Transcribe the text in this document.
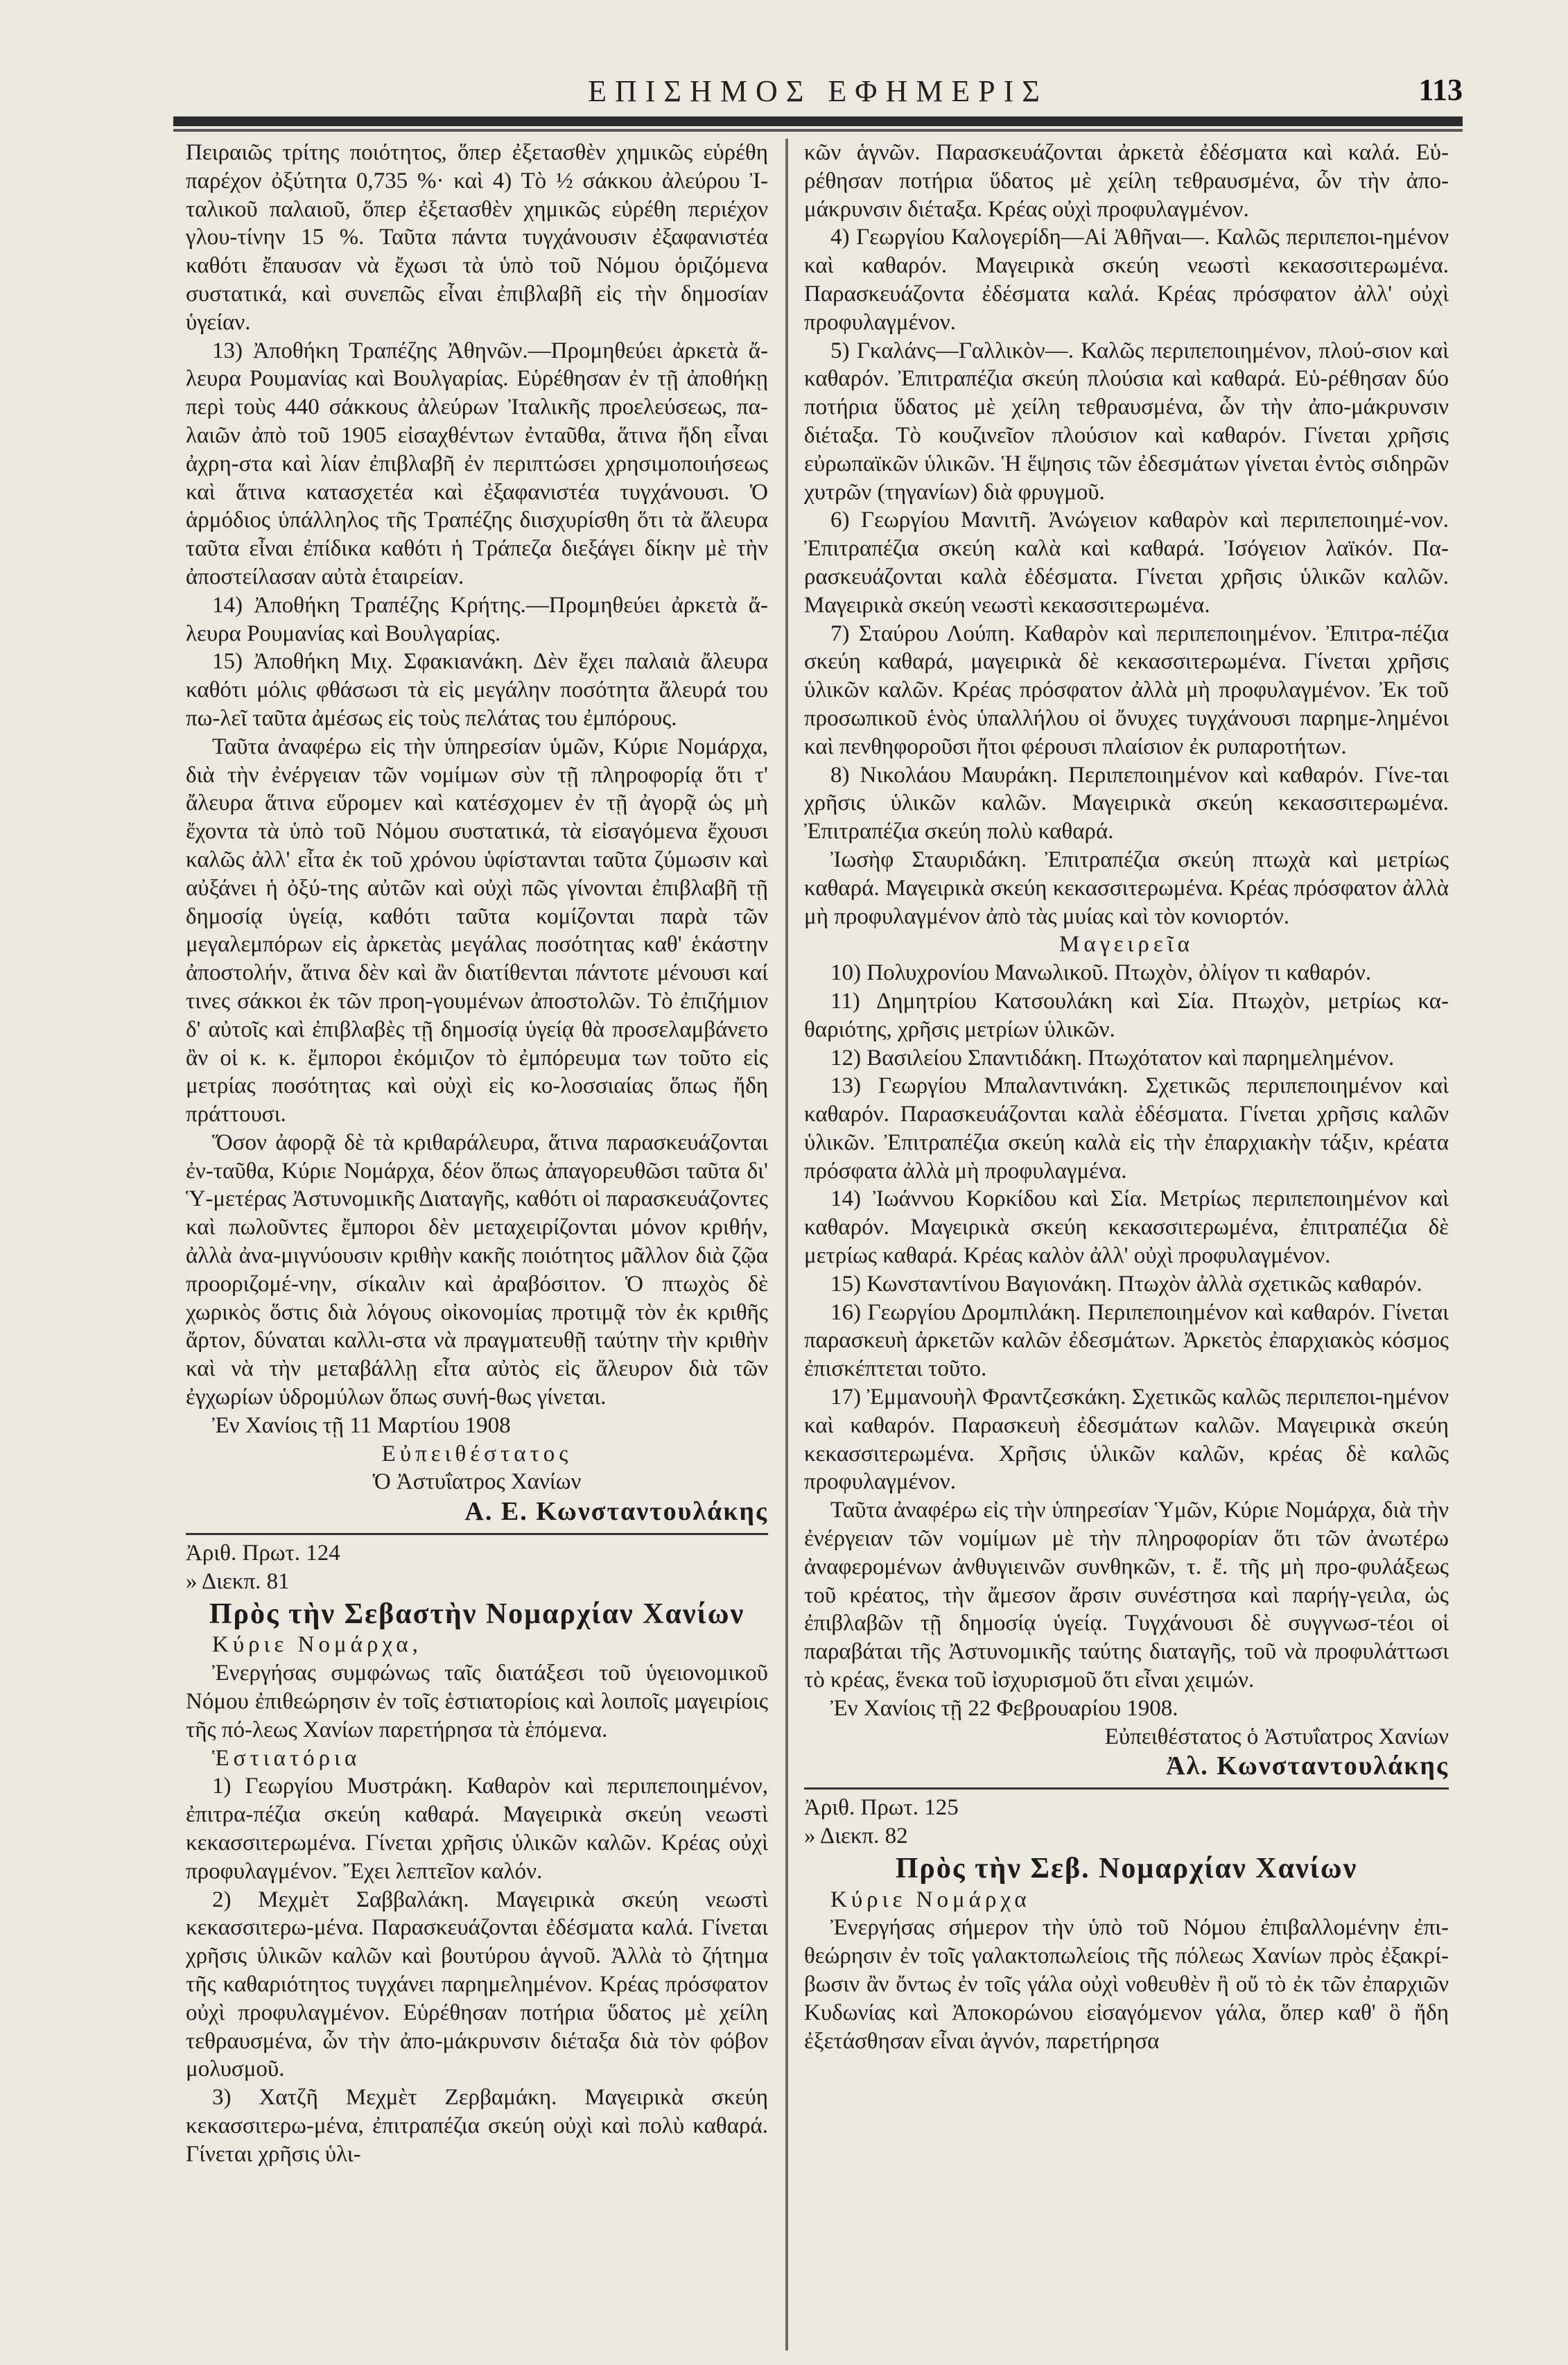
ΕΠΙΣΗΜΟΣ ΕΦΗΜΕΡΙΣ	113

Πειραιῶς τρίτης ποιότητος, ὅπερ ἐξετασθὲν χημικῶς εὑρέθη παρέχον ὀξύτητα 0,735 %· καὶ 4) Τὸ ½ σάκκου ἀλεύρου Ἰ-ταλικοῦ παλαιοῦ, ὅπερ ἐξετασθὲν χημικῶς εὑρέθη περιέχον γλου-τίνην 15 %. Ταῦτα πάντα τυγχάνουσιν ἐξαφανιστέα καθότι ἔπαυσαν νὰ ἔχωσι τὰ ὑπὸ τοῦ Νόμου ὁριζόμενα συστατικά, καὶ συνεπῶς εἶναι ἐπιβλαβῆ εἰς τὴν δημοσίαν ὑγείαν.

13) Ἀποθήκη Τραπέζης Ἀθηνῶν.—Προμηθεύει ἀρκετὰ ἄ-λευρα Ρουμανίας καὶ Βουλγαρίας. Εὑρέθησαν ἐν τῇ ἀποθήκῃ περὶ τοὺς 440 σάκκους ἀλεύρων Ἰταλικῆς προελεύσεως, πα-λαιῶν ἀπὸ τοῦ 1905 εἰσαχθέντων ἐνταῦθα, ἅτινα ἤδη εἶναι ἀχρη-στα καὶ λίαν ἐπιβλαβῆ ἐν περιπτώσει χρησιμοποιήσεως καὶ ἅτινα κατασχετέα καὶ ἐξαφανιστέα τυγχάνουσι. Ὁ ἁρμόδιος ὑπάλληλος τῆς Τραπέζης διισχυρίσθη ὅτι τὰ ἄλευρα ταῦτα εἶναι ἐπίδικα καθότι ἡ Τράπεζα διεξάγει δίκην μὲ τὴν ἀποστείλασαν αὐτὰ ἑταιρείαν.

14) Ἀποθήκη Τραπέζης Κρήτης.—Προμηθεύει ἀρκετὰ ἄ-λευρα Ρουμανίας καὶ Βουλγαρίας.

15) Ἀποθήκη Μιχ. Σφακιανάκη. Δὲν ἔχει παλαιὰ ἄλευρα καθότι μόλις φθάσωσι τὰ εἰς μεγάλην ποσότητα ἄλευρά του πω-λεῖ ταῦτα ἀμέσως εἰς τοὺς πελάτας του ἐμπόρους.

Ταῦτα ἀναφέρω εἰς τὴν ὑπηρεσίαν ὑμῶν, Κύριε Νομάρχα, διὰ τὴν ἐνέργειαν τῶν νομίμων σὺν τῇ πληροφορίᾳ ὅτι τ' ἄλευρα ἅτινα εὕρομεν καὶ κατέσχομεν ἐν τῇ ἀγορᾷ ὡς μὴ ἔχοντα τὰ ὑπὸ τοῦ Νόμου συστατικά, τὰ εἰσαγόμενα ἔχουσι καλῶς ἀλλ' εἶτα ἐκ τοῦ χρόνου ὑφίστανται ταῦτα ζύμωσιν καὶ αὐξάνει ἡ ὀξύ-της αὐτῶν καὶ οὐχὶ πῶς γίνονται ἐπιβλαβῆ τῇ δημοσίᾳ ὑγείᾳ, καθότι ταῦτα κομίζονται παρὰ τῶν μεγαλεμπόρων εἰς ἀρκετὰς μεγάλας ποσότητας καθ' ἑκάστην ἀποστολήν, ἅτινα δὲν καὶ ἂν διατίθενται πάντοτε μένουσι καί τινες σάκκοι ἐκ τῶν προη-γουμένων ἀποστολῶν. Τὸ ἐπιζήμιον δ' αὐτοῖς καὶ ἐπιβλαβὲς τῇ δημοσίᾳ ὑγείᾳ θὰ προσελαμβάνετο ἂν οἱ κ. κ. ἔμποροι ἐκόμιζον τὸ ἐμπόρευμα των τοῦτο εἰς μετρίας ποσότητας καὶ οὐχὶ εἰς κο-λοσσιαίας ὅπως ἤδη πράττουσι.

Ὅσον ἀφορᾷ δὲ τὰ κριθαράλευρα, ἅτινα παρασκευάζονται ἐν-ταῦθα, Κύριε Νομάρχα, δέον ὅπως ἀπαγορευθῶσι ταῦτα δι' Ὑ-μετέρας Ἀστυνομικῆς Διαταγῆς, καθότι οἱ παρασκευάζοντες καὶ πωλοῦντες ἔμποροι δὲν μεταχειρίζονται μόνον κριθήν, ἀλλὰ ἀνα-μιγνύουσιν κριθὴν κακῆς ποιότητος μᾶλλον διὰ ζῷα προοριζομέ-νην, σίκαλιν καὶ ἀραβόσιτον. Ὁ πτωχὸς δὲ χωρικὸς ὅστις διὰ λόγους οἰκονομίας προτιμᾷ τὸν ἐκ κριθῆς ἄρτον, δύναται καλλι-στα νὰ πραγματευθῇ ταύτην τὴν κριθὴν καὶ νὰ τὴν μεταβάλλῃ εἶτα αὐτὸς εἰς ἄλευρον διὰ τῶν ἐγχωρίων ὑδρομύλων ὅπως συνή-θως γίνεται.

Ἐν Χανίοις τῇ 11 Μαρτίου 1908

Εὐπειθέστατος

Ὁ Ἀστυΐατρος Χανίων

Α. Ε. Κωνσταντουλάκης

Ἀριθ. Πρωτ. 124

» Διεκπ. 81

Πρὸς τὴν Σεβαστὴν Νομαρχίαν Χανίων

Κύριε Νομάρχα,

Ἐνεργήσας συμφώνως ταῖς διατάξεσι τοῦ ὑγειονομικοῦ Νόμου ἐπιθεώρησιν ἐν τοῖς ἑστιατορίοις καὶ λοιποῖς μαγειρίοις τῆς πό-λεως Χανίων παρετήρησα τὰ ἑπόμενα.

Ἑστιατόρια

1) Γεωργίου Μυστράκη. Καθαρὸν καὶ περιπεποιημένον, ἐπιτρα-πέζια σκεύη καθαρά. Μαγειρικὰ σκεύη νεωστὶ κεκασσιτερωμένα. Γίνεται χρῆσις ὑλικῶν καλῶν. Κρέας οὐχὶ προφυλαγμένον. Ἔχει λεπτεῖον καλόν.

2) Μεχμὲτ Σαββαλάκη. Μαγειρικὰ σκεύη νεωστὶ κεκασσιτερω-μένα. Παρασκευάζονται ἐδέσματα καλά. Γίνεται χρῆσις ὑλικῶν καλῶν καὶ βουτύρου ἁγνοῦ. Ἀλλὰ τὸ ζήτημα τῆς καθαριότητος τυγχάνει παρημελημένον. Κρέας πρόσφατον οὐχὶ προφυλαγμένον. Εὑρέθησαν ποτήρια ὕδατος μὲ χείλη τεθραυσμένα, ὧν τὴν ἀπο-μάκρυνσιν διέταξα διὰ τὸν φόβον μολυσμοῦ.

3) Χατζῆ Μεχμὲτ Ζερβαμάκη. Μαγειρικὰ σκεύη κεκασσιτερω-μένα, ἐπιτραπέζια σκεύη οὐχὶ καὶ πολὺ καθαρά. Γίνεται χρῆσις ὑλι-

κῶν ἁγνῶν. Παρασκευάζονται ἀρκετὰ ἐδέσματα καὶ καλά. Εὑ-ρέθησαν ποτήρια ὕδατος μὲ χείλη τεθραυσμένα, ὧν τὴν ἀπο-μάκρυνσιν διέταξα. Κρέας οὐχὶ προφυλαγμένον.

4) Γεωργίου Καλογερίδη—Αἱ Ἀθῆναι—. Καλῶς περιπεποι-ημένον καὶ καθαρόν. Μαγειρικὰ σκεύη νεωστὶ κεκασσιτερωμένα. Παρασκευάζοντα ἐδέσματα καλά. Κρέας πρόσφατον ἀλλ' οὐχὶ προφυλαγμένον.

5) Γκαλάνς—Γαλλικὸν—. Καλῶς περιπεποιημένον, πλού-σιον καὶ καθαρόν. Ἐπιτραπέζια σκεύη πλούσια καὶ καθαρά. Εὑ-ρέθησαν δύο ποτήρια ὕδατος μὲ χείλη τεθραυσμένα, ὧν τὴν ἀπο-μάκρυνσιν διέταξα. Τὸ κουζινεῖον πλούσιον καὶ καθαρόν. Γίνεται χρῆσις εὐρωπαϊκῶν ὑλικῶν. Ἡ ἕψησις τῶν ἐδεσμάτων γίνεται ἐντὸς σιδηρῶν χυτρῶν (τηγανίων) διὰ φρυγμοῦ.

6) Γεωργίου Μανιτῆ. Ἀνώγειον καθαρὸν καὶ περιπεποιημέ-νον. Ἐπιτραπέζια σκεύη καλὰ καὶ καθαρά. Ἰσόγειον λαϊκόν. Πα-ρασκευάζονται καλὰ ἐδέσματα. Γίνεται χρῆσις ὑλικῶν καλῶν. Μαγειρικὰ σκεύη νεωστὶ κεκασσιτερωμένα.

7) Σταύρου Λούπη. Καθαρὸν καὶ περιπεποιημένον. Ἐπιτρα-πέζια σκεύη καθαρά, μαγειρικὰ δὲ κεκασσιτερωμένα. Γίνεται χρῆσις ὑλικῶν καλῶν. Κρέας πρόσφατον ἀλλὰ μὴ προφυλαγμένον. Ἐκ τοῦ προσωπικοῦ ἑνὸς ὑπαλλήλου οἱ ὄνυχες τυγχάνουσι παρημε-λημένοι καὶ πενθηφοροῦσι ἤτοι φέρουσι πλαίσιον ἐκ ρυπαροτήτων.

8) Νικολάου Μαυράκη. Περιπεποιημένον καὶ καθαρόν. Γίνε-ται χρῆσις ὑλικῶν καλῶν. Μαγειρικὰ σκεύη κεκασσιτερωμένα. Ἐπιτραπέζια σκεύη πολὺ καθαρά.

Ἰωσὴφ Σταυριδάκη. Ἐπιτραπέζια σκεύη πτωχὰ καὶ μετρίως καθαρά. Μαγειρικὰ σκεύη κεκασσιτερωμένα. Κρέας πρόσφατον ἀλλὰ μὴ προφυλαγμένον ἀπὸ τὰς μυίας καὶ τὸν κονιορτόν.

Μαγειρεῖα

10) Πολυχρονίου Μανωλικοῦ. Πτωχὸν, ὀλίγον τι καθαρόν.

11) Δημητρίου Κατσουλάκη καὶ Σία. Πτωχὸν, μετρίως κα-θαριότης, χρῆσις μετρίων ὑλικῶν.

12) Βασιλείου Σπαντιδάκη. Πτωχότατον καὶ παρημελημένον.

13) Γεωργίου Μπαλαντινάκη. Σχετικῶς περιπεποιημένον καὶ καθαρόν. Παρασκευάζονται καλὰ ἐδέσματα. Γίνεται χρῆσις καλῶν ὑλικῶν. Ἐπιτραπέζια σκεύη καλὰ εἰς τὴν ἐπαρχιακὴν τάξιν, κρέατα πρόσφατα ἀλλὰ μὴ προφυλαγμένα.

14) Ἰωάννου Κορκίδου καὶ Σία. Μετρίως περιπεποιημένον καὶ καθαρόν. Μαγειρικὰ σκεύη κεκασσιτερωμένα, ἐπιτραπέζια δὲ μετρίως καθαρά. Κρέας καλὸν ἀλλ' οὐχὶ προφυλαγμένον.

15) Κωνσταντίνου Βαγιονάκη. Πτωχὸν ἀλλὰ σχετικῶς καθαρόν.

16) Γεωργίου Δρομπιλάκη. Περιπεποιημένον καὶ καθαρόν. Γίνεται παρασκευὴ ἀρκετῶν καλῶν ἐδεσμάτων. Ἀρκετὸς ἐπαρχιακὸς κόσμος ἐπισκέπτεται τοῦτο.

17) Ἐμμανουὴλ Φραντζεσκάκη. Σχετικῶς καλῶς περιπεποι-ημένον καὶ καθαρόν. Παρασκευὴ ἐδεσμάτων καλῶν. Μαγειρικὰ σκεύη κεκασσιτερωμένα. Χρῆσις ὑλικῶν καλῶν, κρέας δὲ καλῶς προφυλαγμένον.

Ταῦτα ἀναφέρω εἰς τὴν ὑπηρεσίαν Ὑμῶν, Κύριε Νομάρχα, διὰ τὴν ἐνέργειαν τῶν νομίμων μὲ τὴν πληροφορίαν ὅτι τῶν ἀνωτέρω ἀναφερομένων ἀνθυγιεινῶν συνθηκῶν, τ. ἔ. τῆς μὴ προ-φυλάξεως τοῦ κρέατος, τὴν ἄμεσον ἄρσιν συνέστησα καὶ παρήγ-γειλα, ὡς ἐπιβλαβῶν τῇ δημοσίᾳ ὑγείᾳ. Τυγχάνουσι δὲ συγγνωσ-τέοι οἱ παραβάται τῆς Ἀστυνομικῆς ταύτης διαταγῆς, τοῦ νὰ προφυλάττωσι τὸ κρέας, ἕνεκα τοῦ ἰσχυρισμοῦ ὅτι εἶναι χειμών.

Ἐν Χανίοις τῇ 22 Φεβρουαρίου 1908.

Εὐπειθέστατος ὁ Ἀστυΐατρος Χανίων

Ἀλ. Κωνσταντουλάκης

Ἀριθ. Πρωτ. 125

» Διεκπ. 82

Πρὸς τὴν Σεβ. Νομαρχίαν Χανίων

Κύριε Νομάρχα

Ἐνεργήσας σήμερον τὴν ὑπὸ τοῦ Νόμου ἐπιβαλλομένην ἐπι-θεώρησιν ἐν τοῖς γαλακτοπωλείοις τῆς πόλεως Χανίων πρὸς ἐξακρί-βωσιν ἂν ὄντως ἐν τοῖς γάλα οὐχὶ νοθευθὲν ἢ οὔ τὸ ἐκ τῶν ἐπαρχιῶν Κυδωνίας καὶ Ἀποκορώνου εἰσαγόμενον γάλα, ὅπερ καθ' ὃ ἤδη ἐξετάσθησαν εἶναι ἁγνόν, παρετήρησα
